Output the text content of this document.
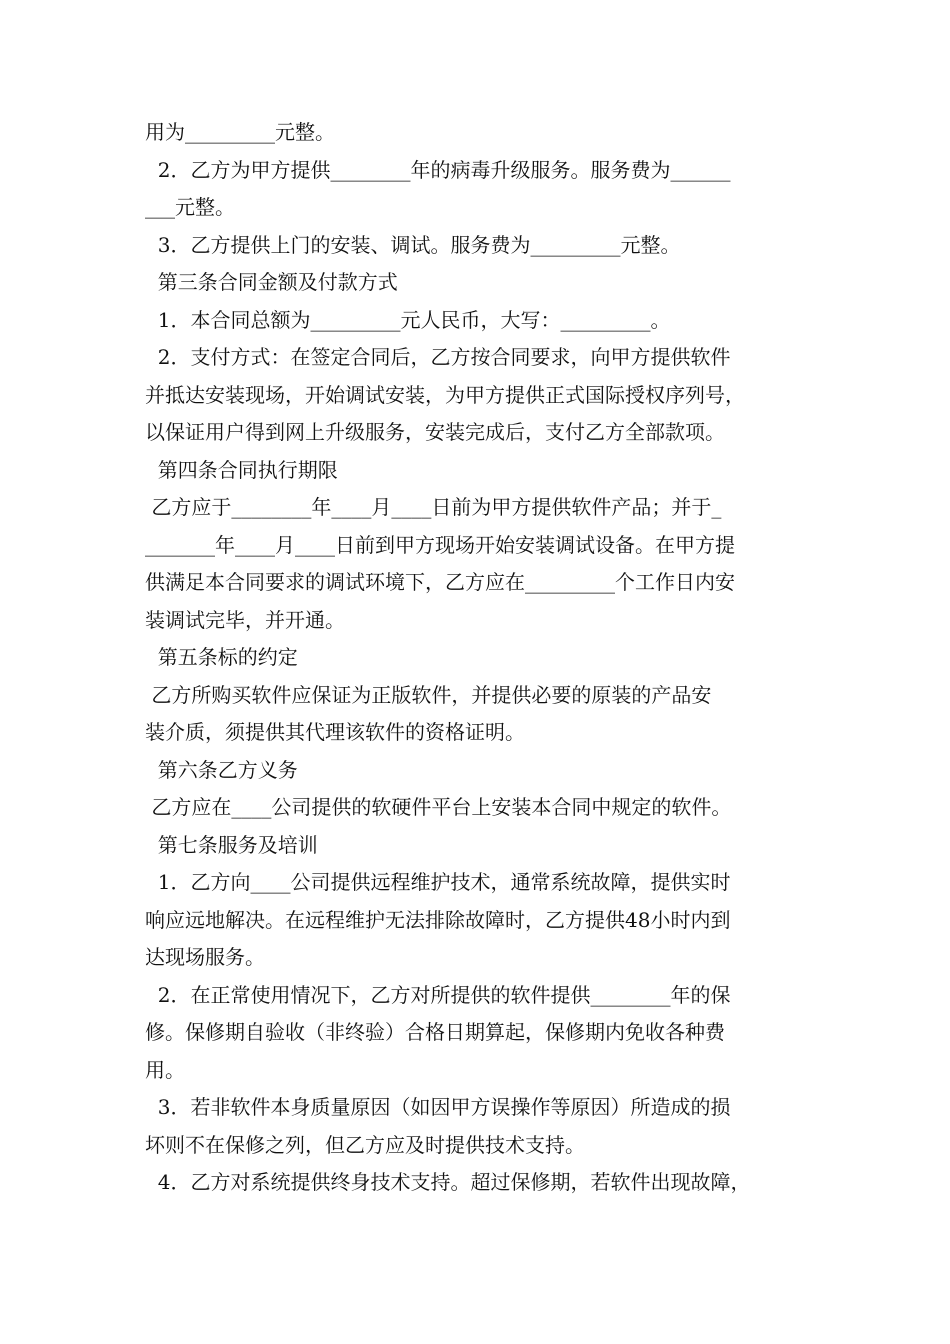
用为_________元整。
2．乙方为甲方提供________年的病毒升级服务。服务费为______
___元整。
3．乙方提供上门的安装、调试。服务费为_________元整。
第三条合同金额及付款方式
1．本合同总额为_________元人民币，大写：_________。
2．支付方式：在签定合同后，乙方按合同要求，向甲方提供软件
并抵达安装现场，开始调试安装，为甲方提供正式国际授权序列号，
以保证用户得到网上升级服务，安装完成后，支付乙方全部款项。
第四条合同执行期限
乙方应于________年____月____日前为甲方提供软件产品；并于_
_______年____月____日前到甲方现场开始安装调试设备。在甲方提
供满足本合同要求的调试环境下，乙方应在_________个工作日内安
装调试完毕，并开通。
第五条标的约定
乙方所购买软件应保证为正版软件，并提供必要的原装的产品安
装介质，须提供其代理该软件的资格证明。
第六条乙方义务
乙方应在____公司提供的软硬件平台上安装本合同中规定的软件。
第七条服务及培训
1．乙方向____公司提供远程维护技术，通常系统故障，提供实时
响应远地解决。在远程维护无法排除故障时，乙方提供48小时内到
达现场服务。
2．在正常使用情况下，乙方对所提供的软件提供________年的保
修。保修期自验收（非终验）合格日期算起，保修期内免收各种费
用。
3．若非软件本身质量原因（如因甲方误操作等原因）所造成的损
坏则不在保修之列，但乙方应及时提供技术支持。
4．乙方对系统提供终身技术支持。超过保修期，若软件出现故障，
